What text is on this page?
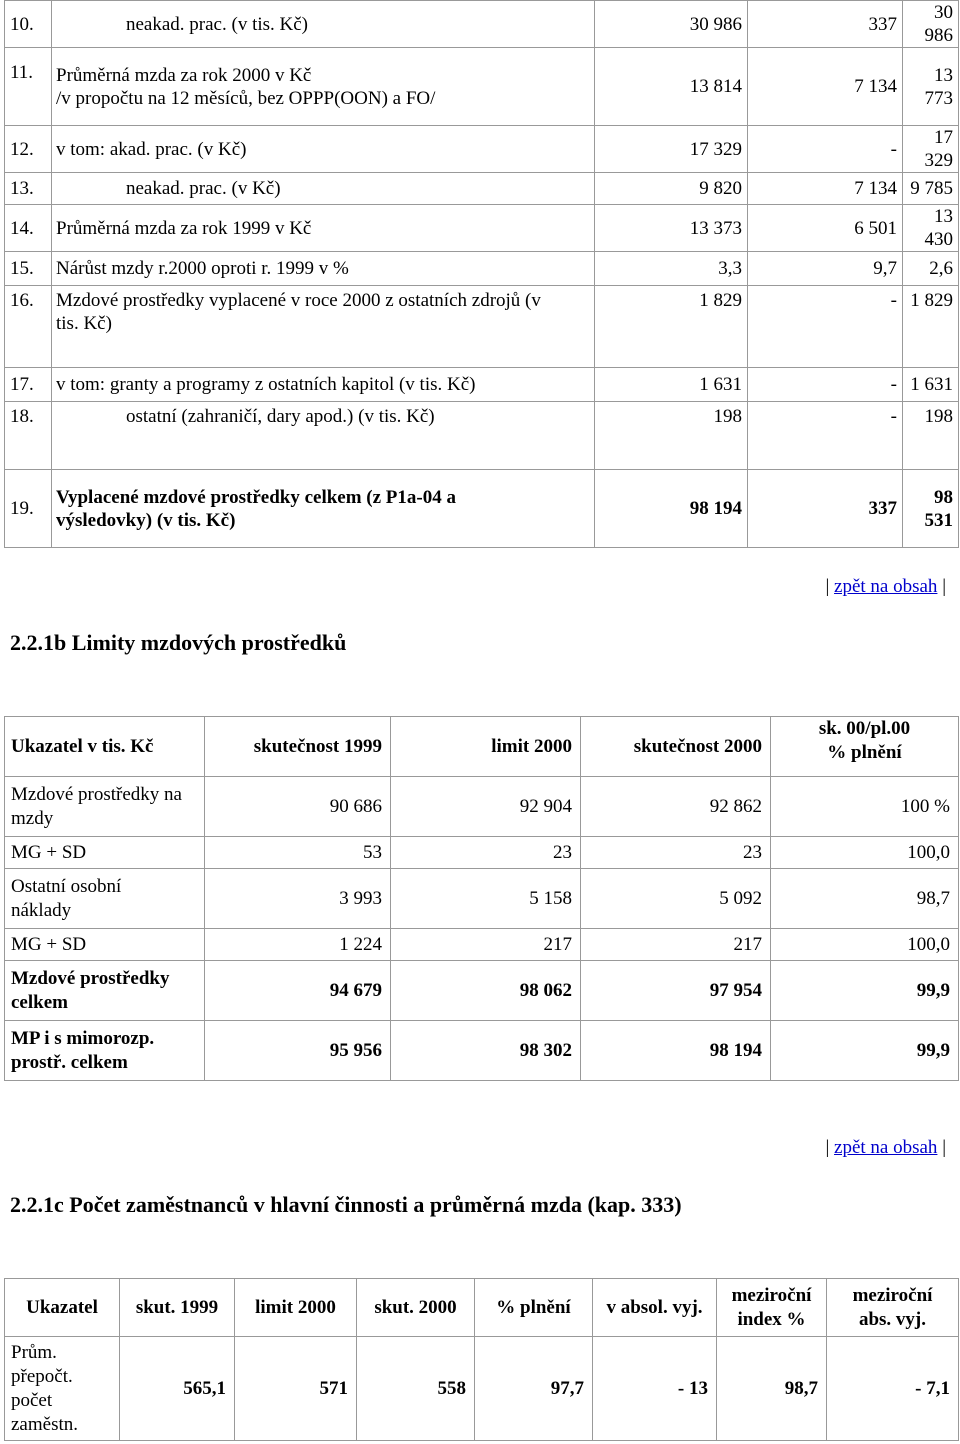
10.	neakad. prac. (v tis. Kč)	30 986	337	30 986
11.	Průměrná mzda za rok 2000 v Kč
/v propočtu na 12 měsíců, bez OPPP(OON) a FO/	13 814	7 134	13 773
12.	v tom: akad. prac. (v Kč)	17 329	-	17 329
13.	neakad. prac. (v Kč)	9 820	7 134	9 785
14.	Průměrná mzda za rok 1999 v Kč	13 373	6 501	13 430
15.	Nárůst mzdy r.2000 oproti r. 1999 v %	3,3	9,7	2,6
16.	Mzdové prostředky vyplacené v roce 2000 z ostatních zdrojů (v tis. Kč)	1 829	-	1 829
17.	v tom: granty a programy z ostatních kapitol (v tis. Kč)	1 631	-	1 631
18.	ostatní (zahraničí, dary apod.) (v tis. Kč)	198	-	198
19.	Vyplacené mzdové prostředky celkem (z P1a-04 a výsledovky) (v tis. Kč)	98 194	337	98 531
| zpět na obsah |
2.2.1b Limity mzdových prostředků
Ukazatel v tis. Kč	skutečnost 1999	limit 2000	skutečnost 2000	sk. 00/pl.00 % plnění
Mzdové prostředky na mzdy	90 686	92 904	92 862	100 %
MG + SD	53	23	23	100,0
Ostatní osobní náklady	3 993	5 158	5 092	98,7
MG + SD	1 224	217	217	100,0
Mzdové prostředky celkem	94 679	98 062	97 954	99,9
MP i s mimorozp. prostř. celkem	95 956	98 302	98 194	99,9
| zpět na obsah |
2.2.1c Počet zaměstnanců v hlavní činnosti a průměrná mzda (kap. 333)
Ukazatel	skut. 1999	limit 2000	skut. 2000	% plnění	v absol. vyj.	meziroční index %	meziroční abs. vyj.
Prům. přepočt. počet zaměstn.	565,1	571	558	97,7	- 13	98,7	- 7,1
